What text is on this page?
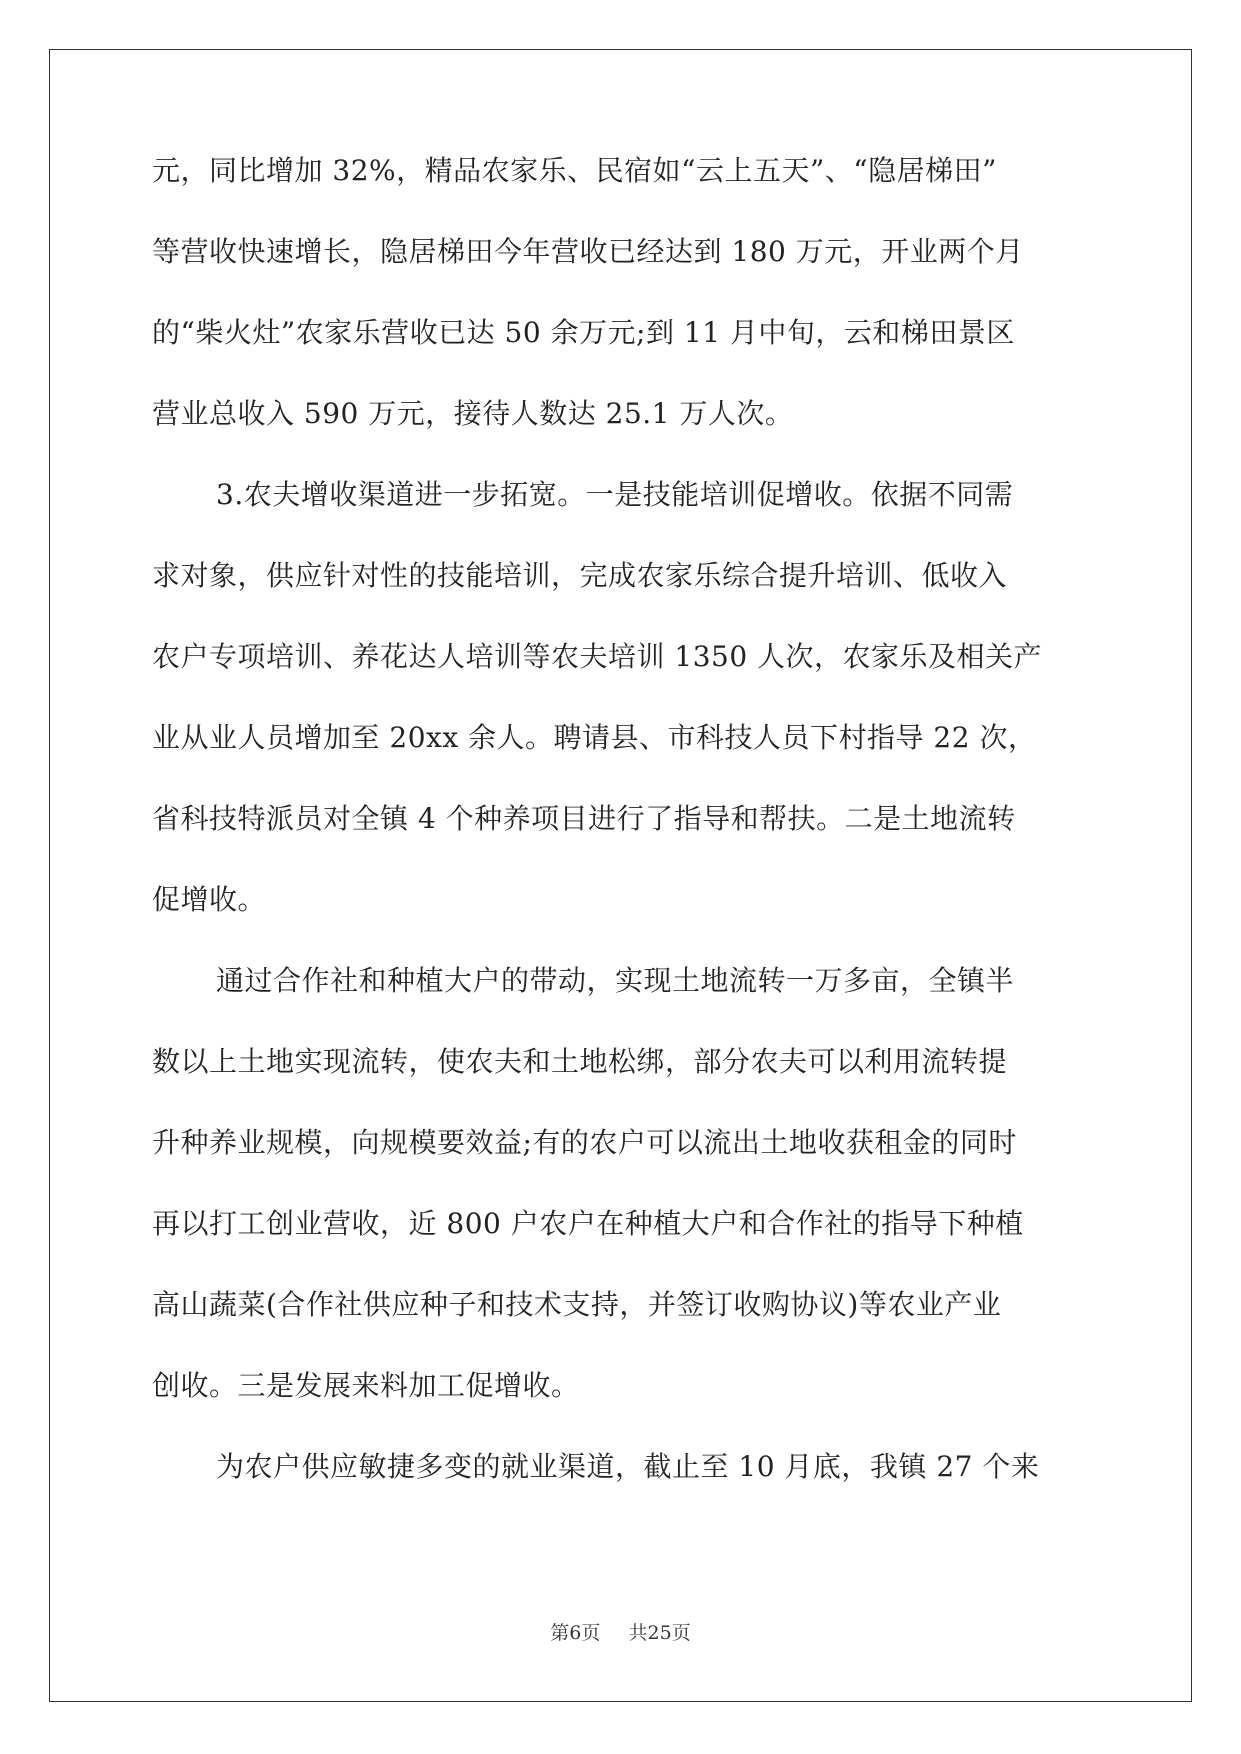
元，同比增加 32%，精品农家乐、民宿如“云上五天”、“隐居梯田”
等营收快速增长，隐居梯田今年营收已经达到 180 万元，开业两个月
的“柴火灶”农家乐营收已达 50 余万元;到 11 月中旬，云和梯田景区
营业总收入 590 万元，接待人数达 25.1 万人次。
3.农夫增收渠道进一步拓宽。一是技能培训促增收。依据不同需
求对象，供应针对性的技能培训，完成农家乐综合提升培训、低收入
农户专项培训、养花达人培训等农夫培训 1350 人次，农家乐及相关产
业从业人员增加至 20xx 余人。聘请县、市科技人员下村指导 22 次，
省科技特派员对全镇 4 个种养项目进行了指导和帮扶。二是土地流转
促增收。
通过合作社和种植大户的带动，实现土地流转一万多亩，全镇半
数以上土地实现流转，使农夫和土地松绑，部分农夫可以利用流转提
升种养业规模，向规模要效益;有的农户可以流出土地收获租金的同时
再以打工创业营收，近 800 户农户在种植大户和合作社的指导下种植
高山蔬菜(合作社供应种子和技术支持，并签订收购协议)等农业产业
创收。三是发展来料加工促增收。
为农户供应敏捷多变的就业渠道，截止至 10 月底，我镇 27 个来
第6页 共25页
